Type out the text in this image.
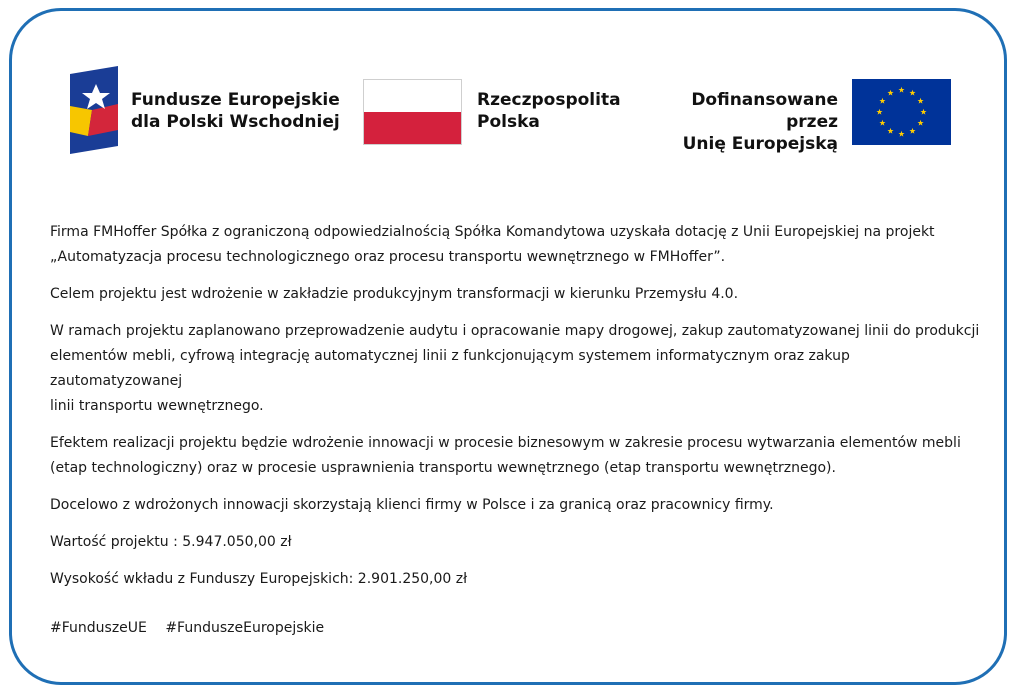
Fundusze Europejskie
dla Polski Wschodniej
Rzeczpospolita
Polska
Dofinansowane przez
Unię Europejską

Firma FMHoffer Spółka z ograniczoną odpowiedzialnością Spółka Komandytowa uzyskała dotację z Unii Europejskiej na projekt
„Automatyzacja procesu technologicznego oraz procesu transportu wewnętrznego w FMHoffer”.

Celem projektu jest wdrożenie w zakładzie produkcyjnym transformacji w kierunku Przemysłu 4.0.

W ramach projektu zaplanowano przeprowadzenie audytu i opracowanie mapy drogowej, zakup zautomatyzowanej linii do produkcji
elementów mebli, cyfrową integrację automatycznej linii z funkcjonującym systemem informatycznym oraz zakup zautomatyzowanej
linii transportu wewnętrznego.

Efektem realizacji projektu będzie wdrożenie innowacji w procesie biznesowym w zakresie procesu wytwarzania elementów mebli
(etap technologiczny) oraz w procesie usprawnienia transportu wewnętrznego (etap transportu wewnętrznego).

Docelowo z wdrożonych innowacji skorzystają klienci firmy w Polsce i za granicą oraz pracownicy firmy.

Wartość projektu : 5.947.050,00 zł

Wysokość wkładu z Funduszy Europejskich: 2.901.250,00 zł

#FunduszeUE #FunduszeEuropejskie
